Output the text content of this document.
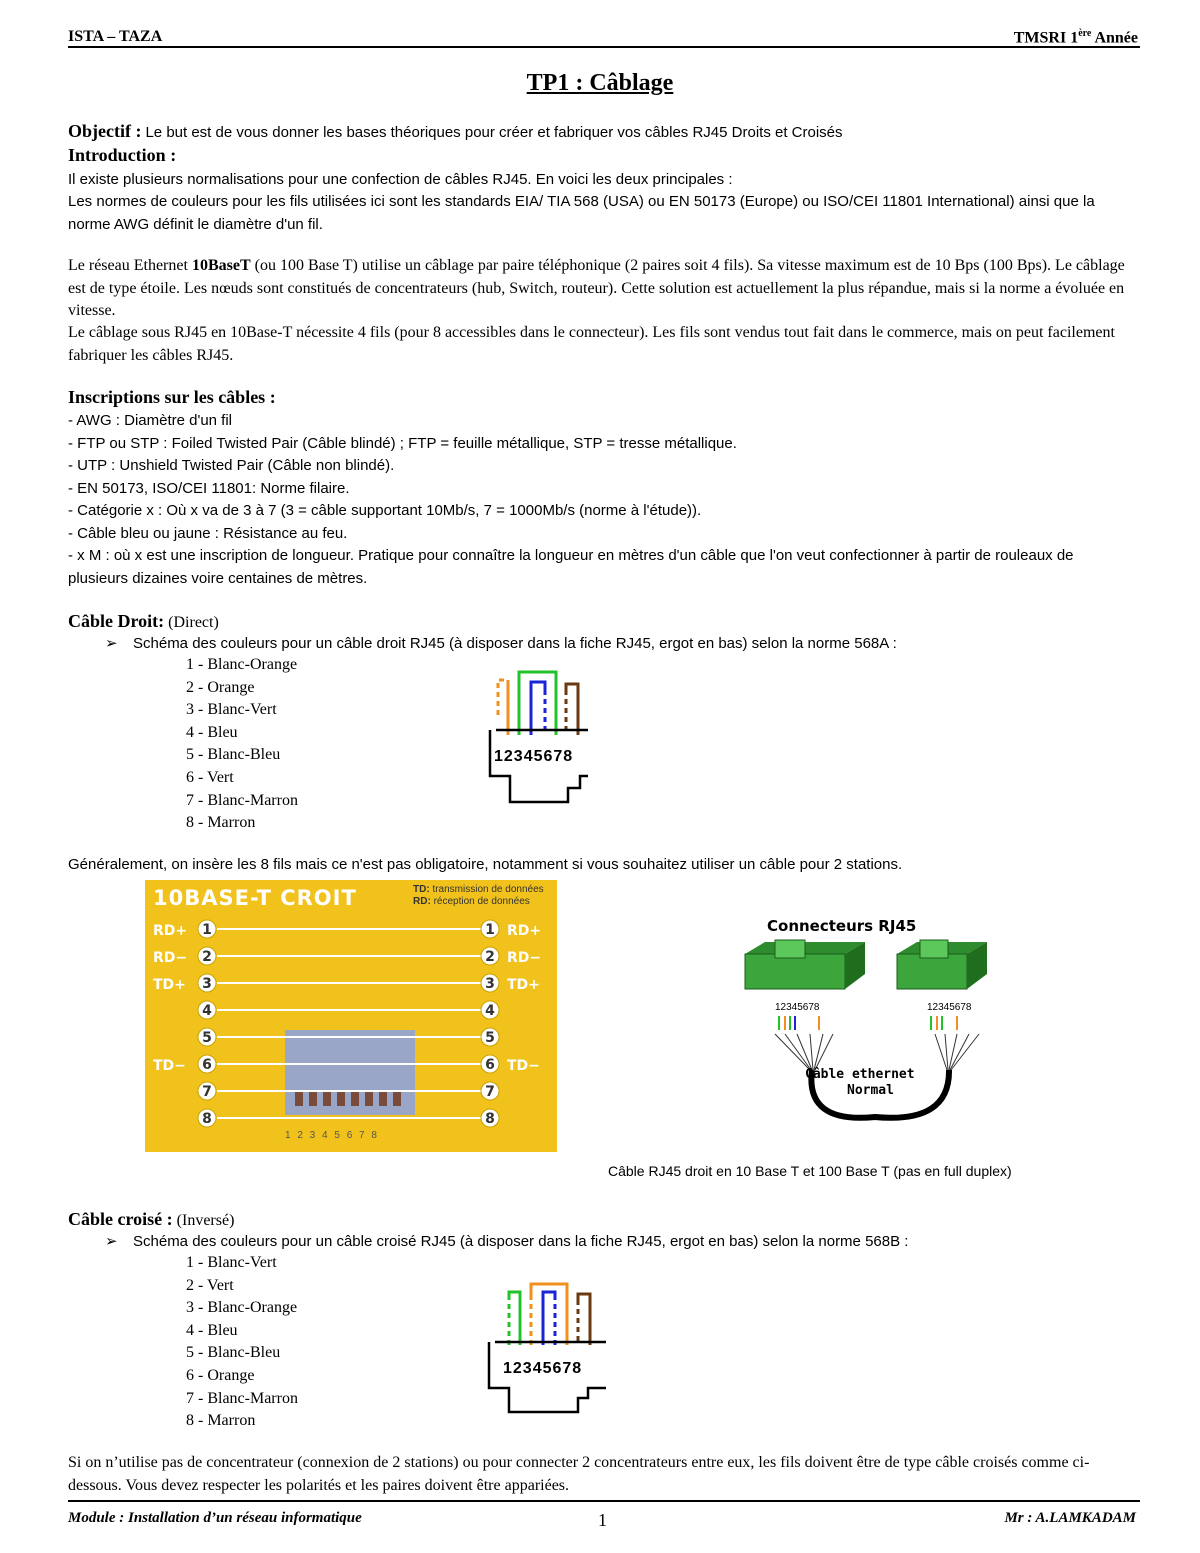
ISTA – TAZA	TMSRI 1ère Année
TP1 : Câblage
Objectif : Le but est de vous donner les bases théoriques pour créer et fabriquer vos câbles RJ45 Droits et Croisés
Introduction :
Il existe plusieurs normalisations pour une confection de câbles RJ45. En voici les deux principales :
Les normes de couleurs pour les fils utilisées ici sont les standards EIA/ TIA 568 (USA) ou EN 50173 (Europe) ou ISO/CEI 11801 International) ainsi que la norme AWG définit le diamètre d'un fil.
Le réseau Ethernet 10BaseT (ou 100 Base T) utilise un câblage par paire téléphonique (2 paires soit 4 fils). Sa vitesse maximum est de 10 Bps (100 Bps). Le câblage est de type étoile. Les nœuds sont constitués de concentrateurs (hub, Switch, routeur). Cette solution est actuellement la plus répandue, mais si la norme a évoluée en vitesse.
Le câblage sous RJ45 en 10Base-T nécessite 4 fils (pour 8 accessibles dans le connecteur). Les fils sont vendus tout fait dans le commerce, mais on peut facilement fabriquer les câbles RJ45.
Inscriptions sur les câbles :
- AWG : Diamètre d'un fil
- FTP ou STP : Foiled Twisted Pair (Câble blindé) ; FTP = feuille métallique, STP = tresse métallique.
- UTP : Unshield Twisted Pair (Câble non blindé).
- EN 50173, ISO/CEI 11801: Norme filaire.
- Catégorie x : Où x va de 3 à 7 (3 = câble supportant 10Mb/s, 7 = 1000Mb/s (norme à l'étude)).
- Câble bleu ou jaune : Résistance au feu.
- x M : où x est une inscription de longueur. Pratique pour connaître la longueur en mètres d'un câble que l'on veut confectionner à partir de rouleaux de plusieurs dizaines voire centaines de mètres.
Câble Droit: (Direct)
➢ Schéma des couleurs pour un câble droit RJ45 (à disposer dans la fiche RJ45, ergot en bas) selon la norme 568A :
1 - Blanc-Orange
2 - Orange
3 - Blanc-Vert
4 - Bleu
5 - Blanc-Bleu
6 - Vert
7 - Blanc-Marron
8 - Marron
12345678
Généralement, on insère les 8 fils mais ce n'est pas obligatoire, notamment si vous souhaitez utiliser un câble pour 2 stations.
10BASE-T CROIT	TD: transmission de données
RD: réception de données
1	1
RD+	RD+
2	2
RD−	RD−
3	3
TD+	TD+
4	4
5	5
6	6
TD−	TD−
7	7
8	8
1 2 3 4 5 6 7 8
Connecteurs RJ45
12345678	12345678
Câble ethernet
Normal
Câble RJ45 droit en 10 Base T et 100 Base T (pas en full duplex)
Câble croisé : (Inversé)
➢ Schéma des couleurs pour un câble croisé RJ45 (à disposer dans la fiche RJ45, ergot en bas) selon la norme 568B :
1 - Blanc-Vert
2 - Vert
3 - Blanc-Orange
4 - Bleu
5 - Blanc-Bleu
6 - Orange
7 - Blanc-Marron
8 - Marron
12345678
Si on n’utilise pas de concentrateur (connexion de 2 stations) ou pour connecter 2 concentrateurs entre eux, les fils doivent être de type câble croisés comme ci-dessous. Vous devez respecter les polarités et les paires doivent être appariées.
Module : Installation d’un réseau informatique	1	Mr : A.LAMKADAM
